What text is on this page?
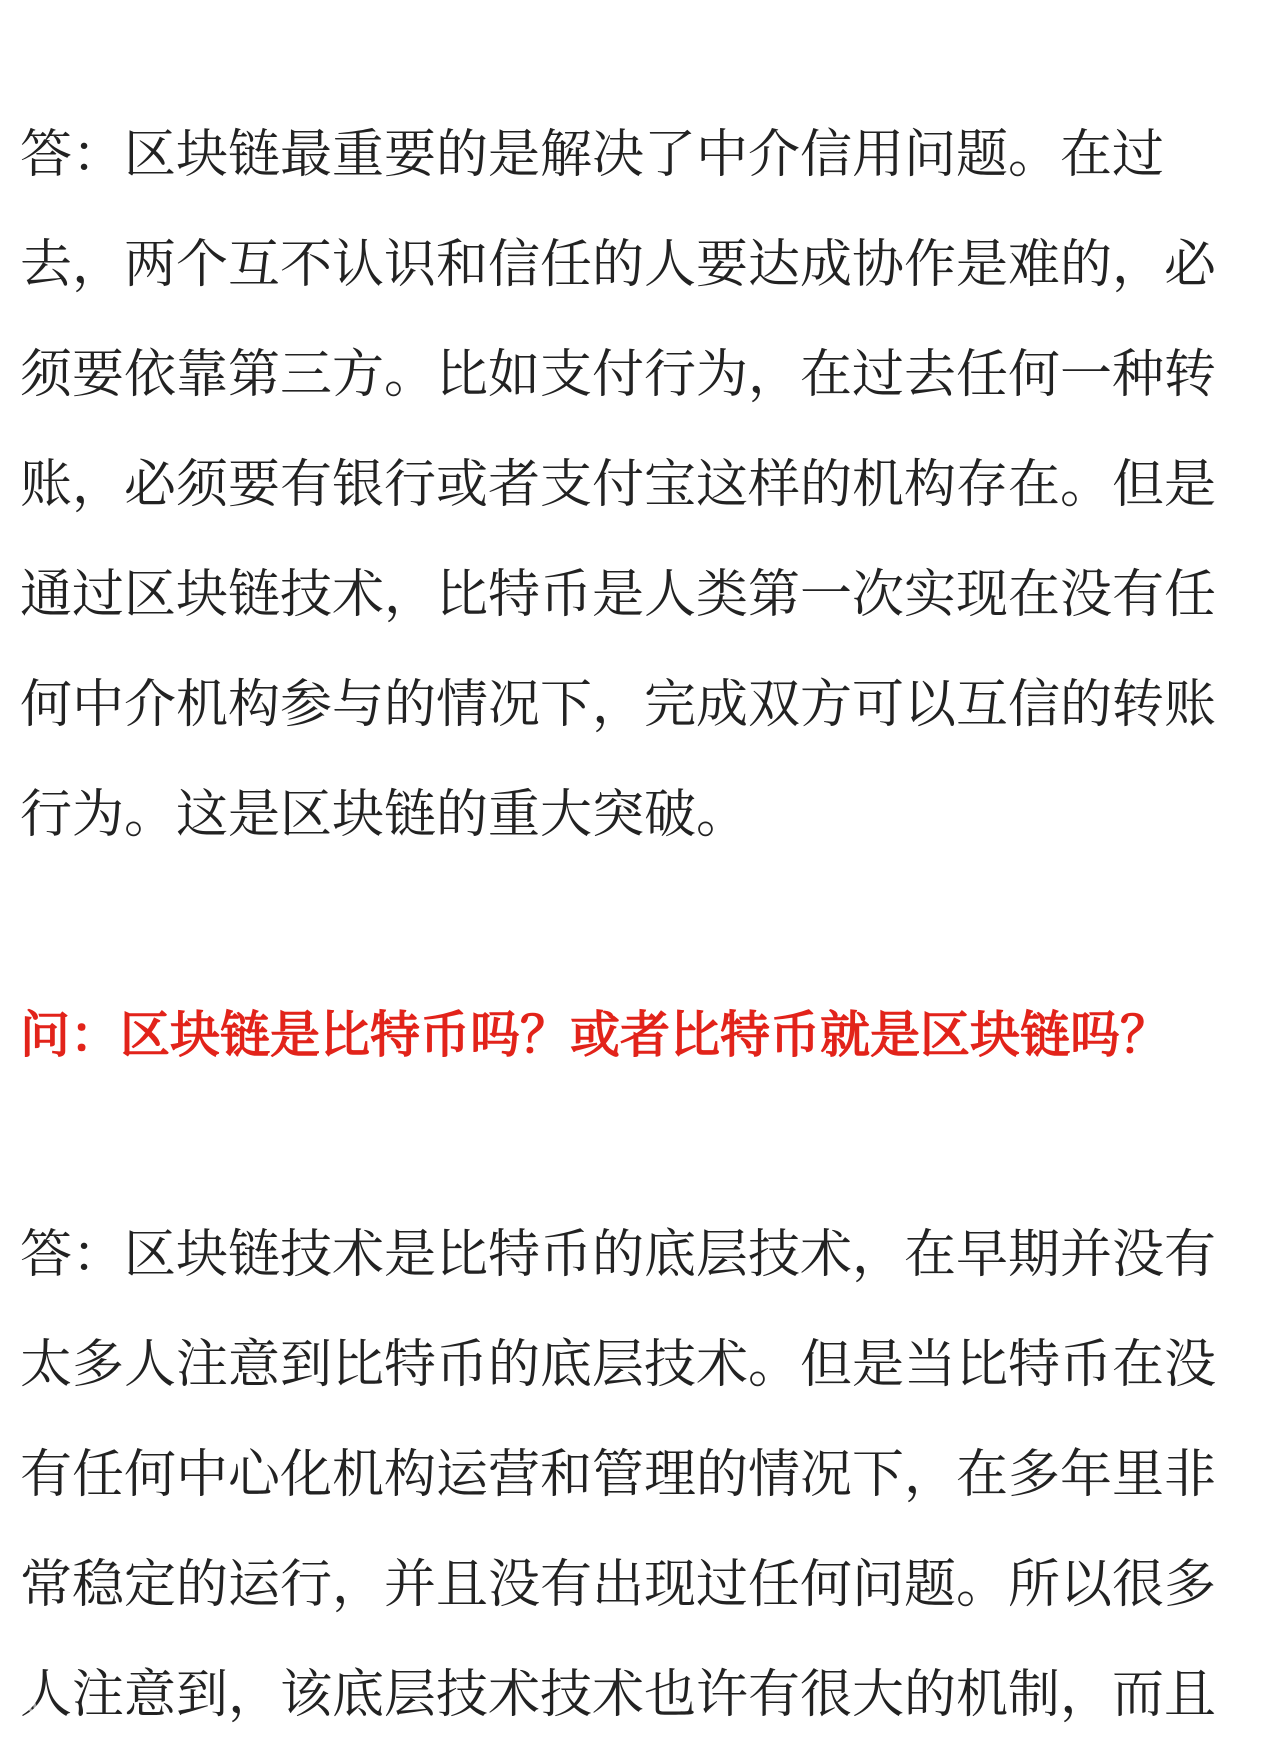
答：区块链最重要的是解决了中介信用问题。在过
去，两个互不认识和信任的人要达成协作是难的，必
须要依靠第三方。比如支付行为，在过去任何一种转
账，必须要有银行或者支付宝这样的机构存在。但是
通过区块链技术，比特币是人类第一次实现在没有任
何中介机构参与的情况下，完成双方可以互信的转账
行为。这是区块链的重大突破。
问：区块链是比特币吗？或者比特币就是区块链吗？
答：区块链技术是比特币的底层技术，在早期并没有
太多人注意到比特币的底层技术。但是当比特币在没
有任何中心化机构运营和管理的情况下，在多年里非
常稳定的运行，并且没有出现过任何问题。所以很多
人注意到，该底层技术技术也许有很大的机制，而且
